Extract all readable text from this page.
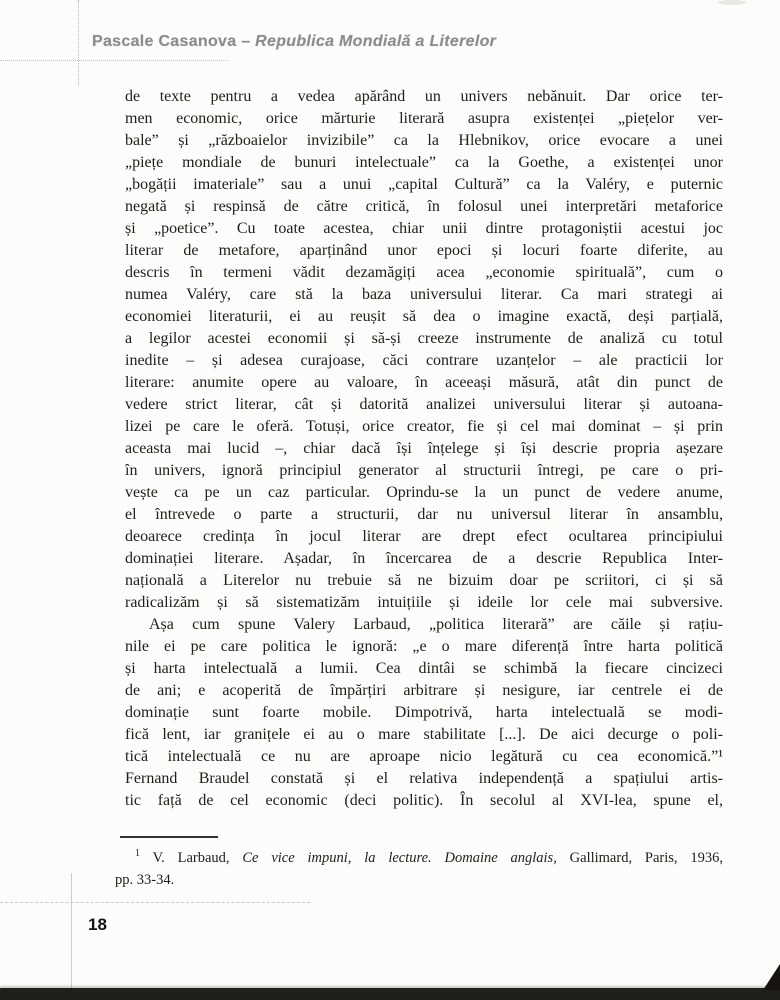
Pascale Casanova – Republica Mondială a Literelor
de texte pentru a vedea apărând un univers nebănuit. Dar orice ter-
men economic, orice mărturie literară asupra existenței „piețelor ver-
bale” și „războaielor invizibile” ca la Hlebnikov, orice evocare a unei
„piețe mondiale de bunuri intelectuale” ca la Goethe, a existenței unor
„bogății imateriale” sau a unui „capital Cultură” ca la Valéry, e puternic
negată și respinsă de către critică, în folosul unei interpretări metaforice
și „poetice”. Cu toate acestea, chiar unii dintre protagoniștii acestui joc
literar de metafore, aparținând unor epoci și locuri foarte diferite, au
descris în termeni vădit dezamăgiți acea „economie spirituală”, cum o
numea Valéry, care stă la baza universului literar. Ca mari strategi ai
economiei literaturii, ei au reușit să dea o imagine exactă, deși parțială,
a legilor acestei economii și să-și creeze instrumente de analiză cu totul
inedite – și adesea curajoase, căci contrare uzanțelor – ale practicii lor
literare: anumite opere au valoare, în aceeași măsură, atât din punct de
vedere strict literar, cât și datorită analizei universului literar și autoana-
lizei pe care le oferă. Totuși, orice creator, fie și cel mai dominat – și prin
aceasta mai lucid –, chiar dacă își înțelege și își descrie propria așezare
în univers, ignoră principiul generator al structurii întregi, pe care o pri-
vește ca pe un caz particular. Oprindu-se la un punct de vedere anume,
el întrevede o parte a structurii, dar nu universul literar în ansamblu,
deoarece credința în jocul literar are drept efect ocultarea principiului
dominației literare. Așadar, în încercarea de a descrie Republica Inter-
națională a Literelor nu trebuie să ne bizuim doar pe scriitori, ci și să
radicalizăm și să sistematizăm intuițiile și ideile lor cele mai subversive.
Așa cum spune Valery Larbaud, „politica literară” are căile și rațiu-
nile ei pe care politica le ignoră: „e o mare diferență între harta politică
și harta intelectuală a lumii. Cea dintâi se schimbă la fiecare cincizeci
de ani; e acoperită de împărțiri arbitrare și nesigure, iar centrele ei de
dominație sunt foarte mobile. Dimpotrivă, harta intelectuală se modi-
fică lent, iar granițele ei au o mare stabilitate [...]. De aici decurge o poli-
tică intelectuală ce nu are aproape nicio legătură cu cea economică.”¹
Fernand Braudel constată și el relativa independență a spațiului artis-
tic față de cel economic (deci politic). În secolul al XVI-lea, spune el,
$^1$ V. Larbaud, Ce vice impuni, la lecture. Domaine anglais, Gallimard, Paris, 1936,
pp. 33-34.
18
